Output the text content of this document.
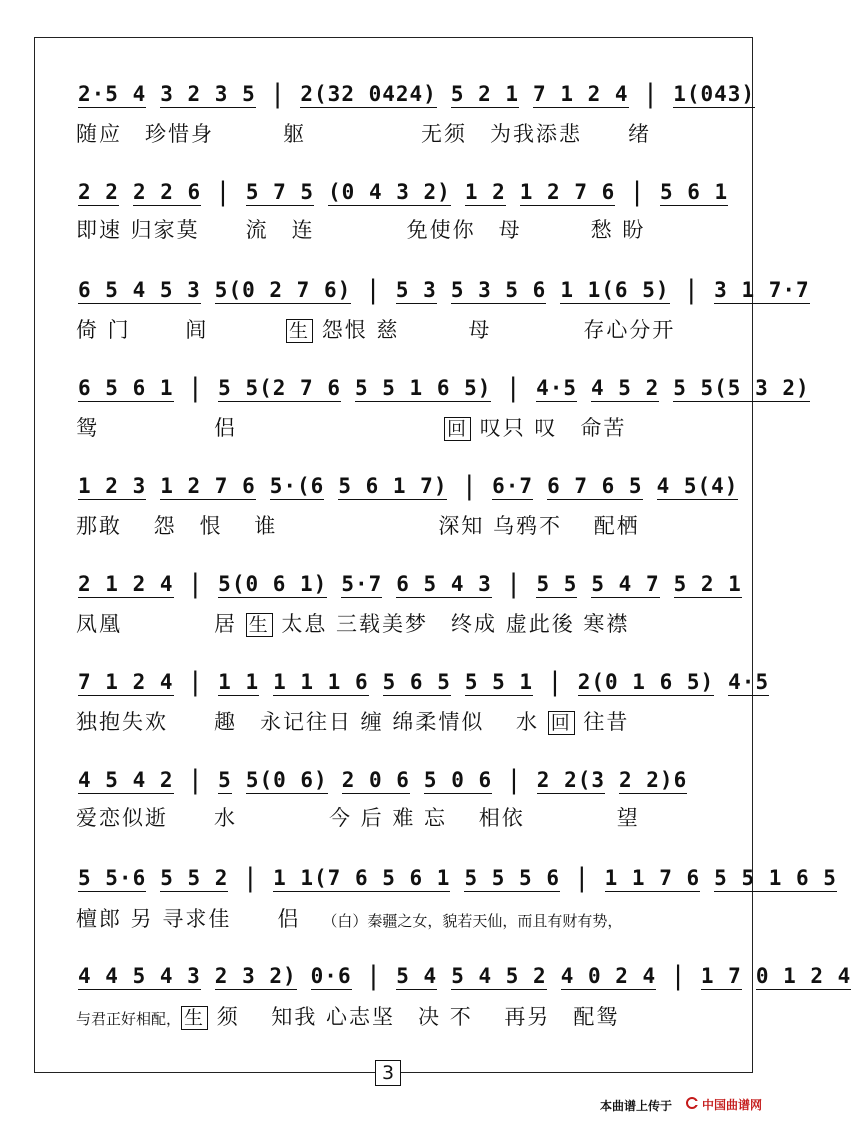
2·5 4 3 2 3 5 | 2(32 0424) 5 2 1 7 1 2 4 | 1(043)
随应　珍惜身　　　躯　　　　　无须　为我添悲　　绪
2 2 2 2 6 | 5 7 5 (0 4 3 2) 1 2 1 2 7 6 | 5 6 1
即速 归家莫　　流　连　　　　免使你　母　　　愁 盼
6 5 4 5 3 5(0 2 7 6) | 5 3 5 3 5 6 1 1(6 5) | 3 1 7·7
倚 门 　　闾 　　　生 怨恨 慈　　　母　　　　存心分开
6 5 6 1 | 5 5(2 7 6 5 5 1 6 5) | 4·5 4 5 2 5 5(5 3 2)
鸳　　　　　侣　　　　　　　　　回 叹只 叹　命苦
1 2 3 1 2 7 6 5·(6 5 6 1 7) | 6·7 6 7 6 5 4 5(4)
那敢　 怨　恨　 谁　　　　　　　深知 乌鸦不　 配栖
2 1 2 4 | 5(0 6 1) 5·7 6 5 4 3 | 5 5 5 4 7 5 2 1
凤凰　　　　居 生 太息 三载美梦　终成 虚此後 寒襟
7 1 2 4 | 1 1 1 1 1 6 5 6 5 5 5 1 | 2(0 1 6 5) 4·5
独抱失欢　　趣　永记往日 缠 绵柔情似　 水 回 往昔
4 5 4 2 | 5 5(0 6) 2 0 6 5 0 6 | 2 2(3 2 2)6
爱恋似逝　　水　　　　今 后 难 忘　 相依　　　　望
5 5·6 5 5 2 | 1 1(7 6 5 6 1 5 5 5 6 | 1 1 7 6 5 5 1 6 5
檀郎 另 寻求佳　　侣 （白）秦疆之女，貌若天仙，而且有财有势，
4 4 5 4 3 2 3 2) 0·6 | 5 4 5 4 5 2 4 0 2 4 | 1 7 0 1 2 4
与君正好相配， 生 须　 知我 心志坚　决 不　 再另　配鸳
3
本曲谱上传于 中国曲谱网
